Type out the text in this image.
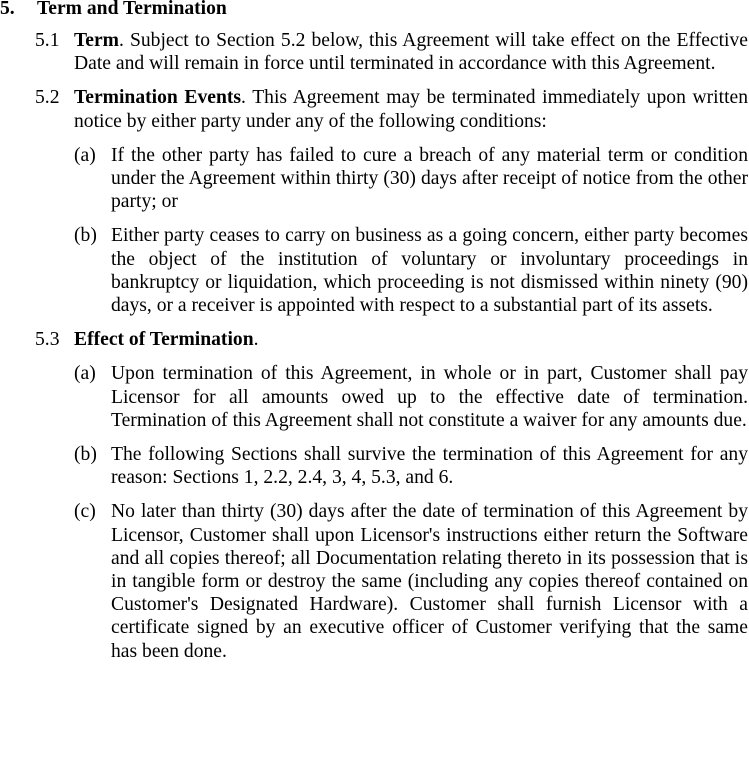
5. Term and Termination
5.1 Term. Subject to Section 5.2 below, this Agreement will take effect on the Effective Date and will remain in force until terminated in accordance with this Agreement.
5.2 Termination Events. This Agreement may be terminated immediately upon written notice by either party under any of the following conditions:
(a) If the other party has failed to cure a breach of any material term or condition under the Agreement within thirty (30) days after receipt of notice from the other party; or
(b) Either party ceases to carry on business as a going concern, either party becomes the object of the institution of voluntary or involuntary proceedings in bankruptcy or liquidation, which proceeding is not dismissed within ninety (90) days, or a receiver is appointed with respect to a substantial part of its assets.
5.3 Effect of Termination.
(a) Upon termination of this Agreement, in whole or in part, Customer shall pay Licensor for all amounts owed up to the effective date of termination. Termination of this Agreement shall not constitute a waiver for any amounts due.
(b) The following Sections shall survive the termination of this Agreement for any reason: Sections 1, 2.2, 2.4, 3, 4, 5.3, and 6.
(c) No later than thirty (30) days after the date of termination of this Agreement by Licensor, Customer shall upon Licensor's instructions either return the Software and all copies thereof; all Documentation relating thereto in its possession that is in tangible form or destroy the same (including any copies thereof contained on Customer's Designated Hardware). Customer shall furnish Licensor with a certificate signed by an executive officer of Customer verifying that the same has been done.
